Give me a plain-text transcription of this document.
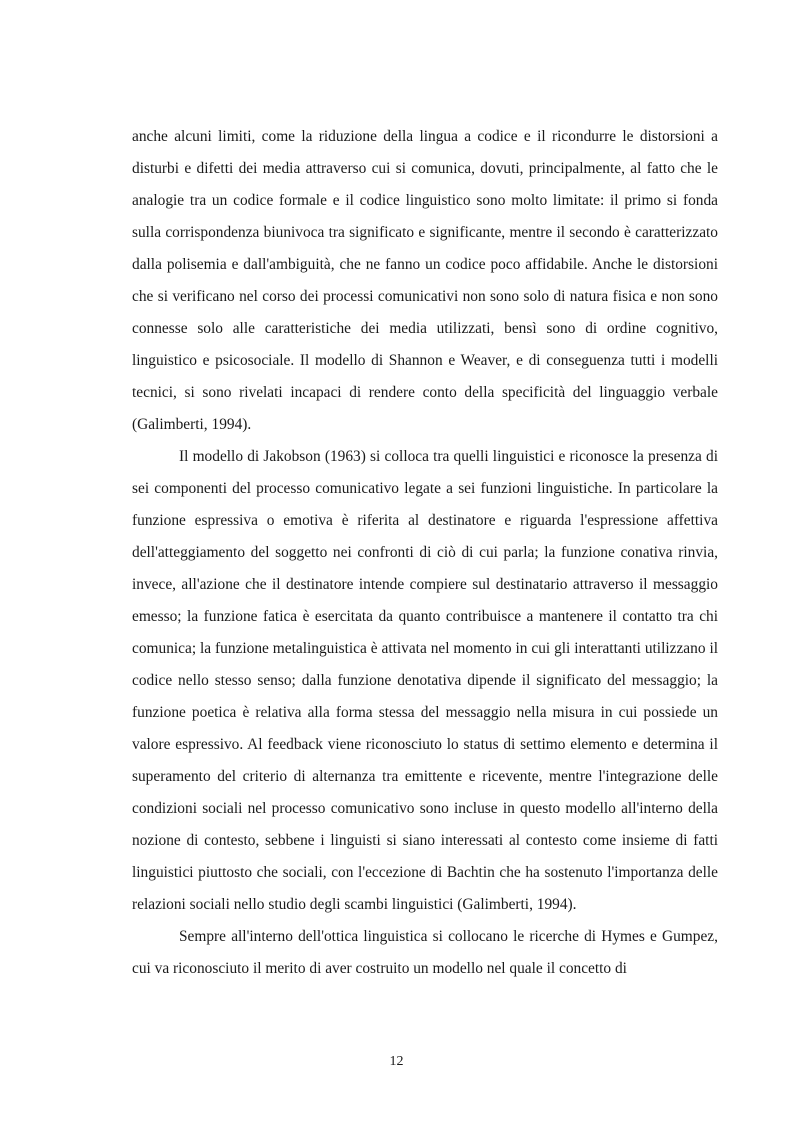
anche alcuni limiti, come la riduzione della lingua a codice e il ricondurre le distorsioni a disturbi e difetti dei media attraverso cui si comunica, dovuti, principalmente, al fatto che le analogie tra un codice formale e il codice linguistico sono molto limitate: il primo si fonda sulla corrispondenza biunivoca tra significato e significante, mentre il secondo è caratterizzato dalla polisemia e dall'ambiguità, che ne fanno un codice poco affidabile. Anche le distorsioni che si verificano nel corso dei processi comunicativi non sono solo di natura fisica e non sono connesse solo alle caratteristiche dei media utilizzati, bensì sono di ordine cognitivo, linguistico e psicosociale. Il modello di Shannon e Weaver, e di conseguenza tutti i modelli tecnici, si sono rivelati incapaci di rendere conto della specificità del linguaggio verbale (Galimberti, 1994).

Il modello di Jakobson (1963) si colloca tra quelli linguistici e riconosce la presenza di sei componenti del processo comunicativo legate a sei funzioni linguistiche. In particolare la funzione espressiva o emotiva è riferita al destinatore e riguarda l'espressione affettiva dell'atteggiamento del soggetto nei confronti di ciò di cui parla; la funzione conativa rinvia, invece, all'azione che il destinatore intende compiere sul destinatario attraverso il messaggio emesso; la funzione fatica è esercitata da quanto contribuisce a mantenere il contatto tra chi comunica; la funzione metalinguistica è attivata nel momento in cui gli interattanti utilizzano il codice nello stesso senso; dalla funzione denotativa dipende il significato del messaggio; la funzione poetica è relativa alla forma stessa del messaggio nella misura in cui possiede un valore espressivo. Al feedback viene riconosciuto lo status di settimo elemento e determina il superamento del criterio di alternanza tra emittente e ricevente, mentre l'integrazione delle condizioni sociali nel processo comunicativo sono incluse in questo modello all'interno della nozione di contesto, sebbene i linguisti si siano interessati al contesto come insieme di fatti linguistici piuttosto che sociali, con l'eccezione di Bachtin che ha sostenuto l'importanza delle relazioni sociali nello studio degli scambi linguistici (Galimberti, 1994).

Sempre all'interno dell'ottica linguistica si collocano le ricerche di Hymes e Gumpez, cui va riconosciuto il merito di aver costruito un modello nel quale il concetto di

12
